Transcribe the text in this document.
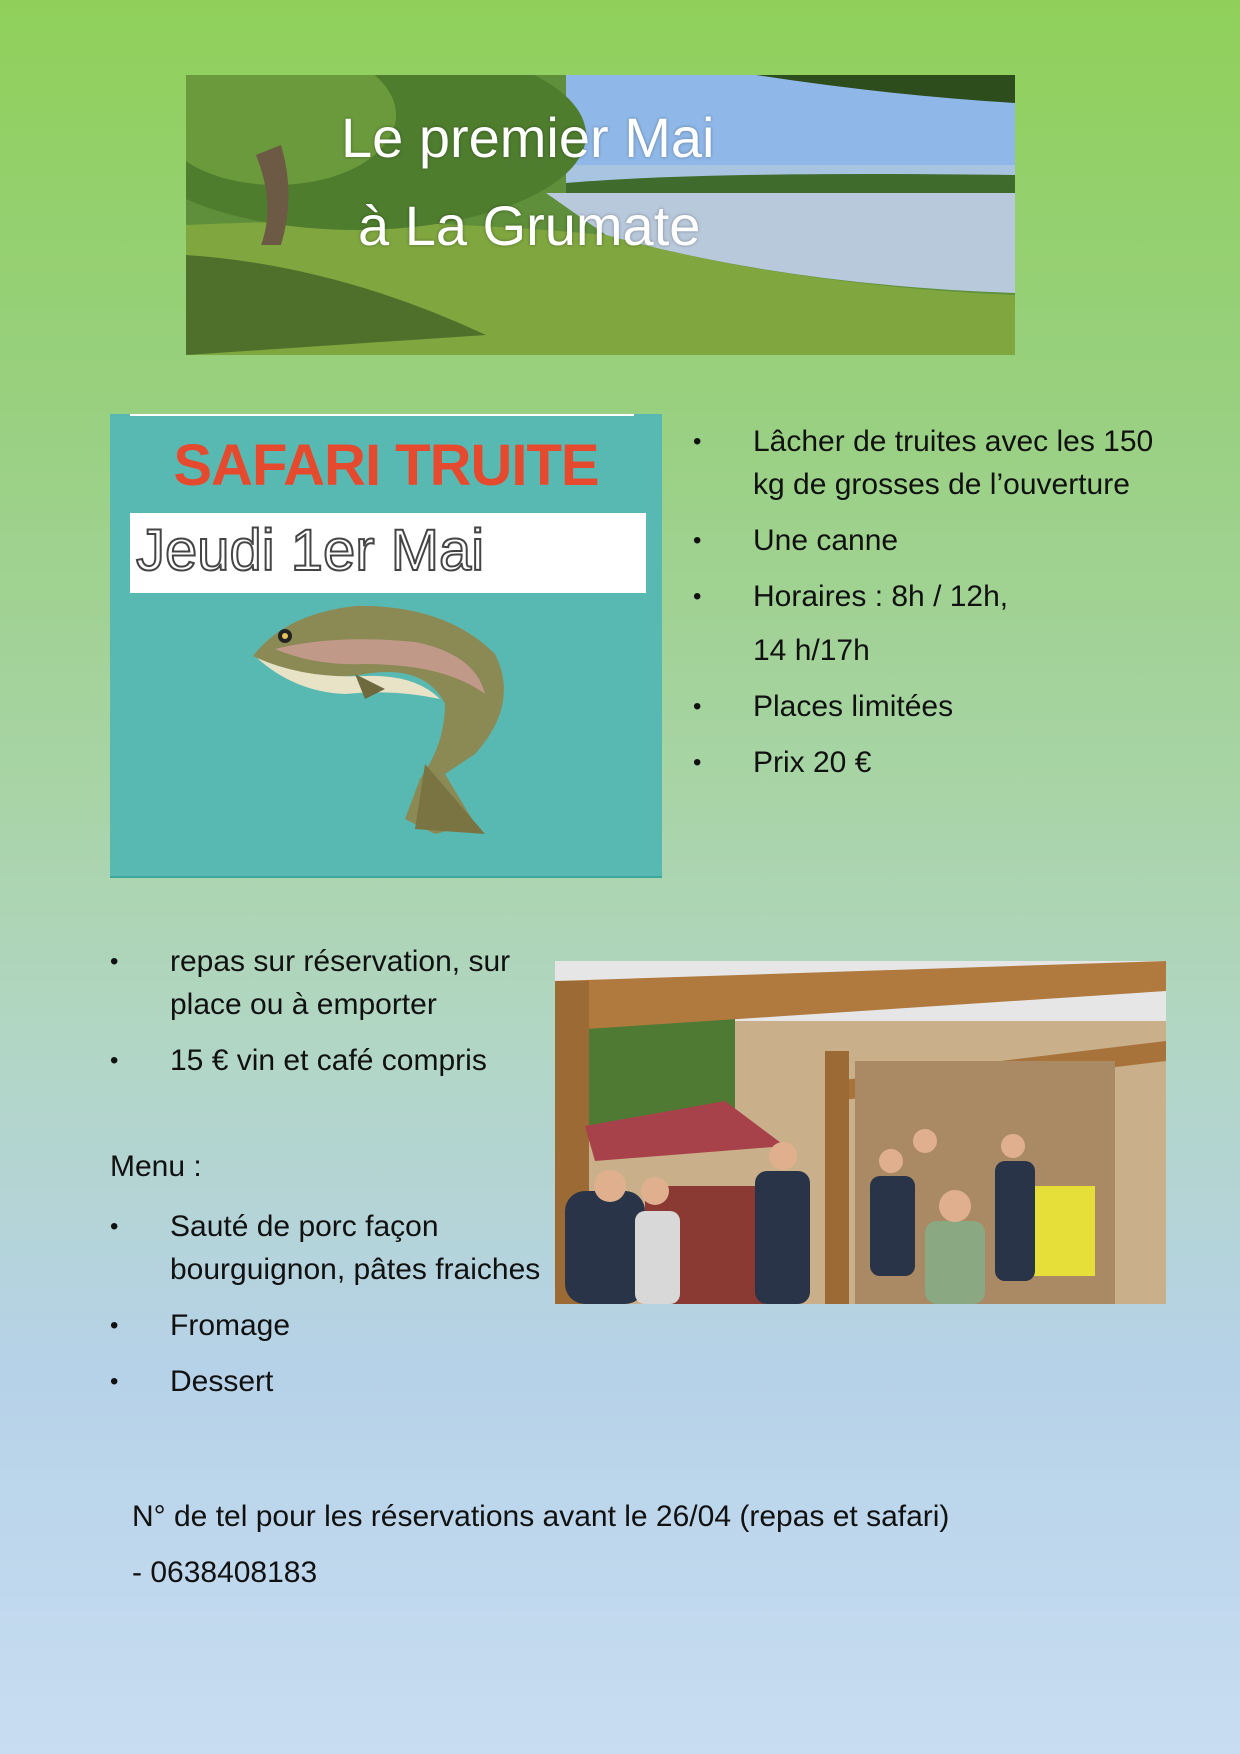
Le premier Mai
à La Grumate
SAFARI TRUITE
Jeudi 1er Mai
• Lâcher de truites avec les 150 kg de grosses de l’ouverture
• Une canne
• Horaires : 8h / 12h,
14 h/17h
• Places limitées
• Prix 20 €
• repas sur réservation, sur place ou à emporter
• 15 € vin et café compris
Menu :
• Sauté de porc façon bourguignon, pâtes fraiches
• Fromage
• Dessert
N° de tel pour les réservations avant le 26/04 (repas et safari)
- 0638408183
